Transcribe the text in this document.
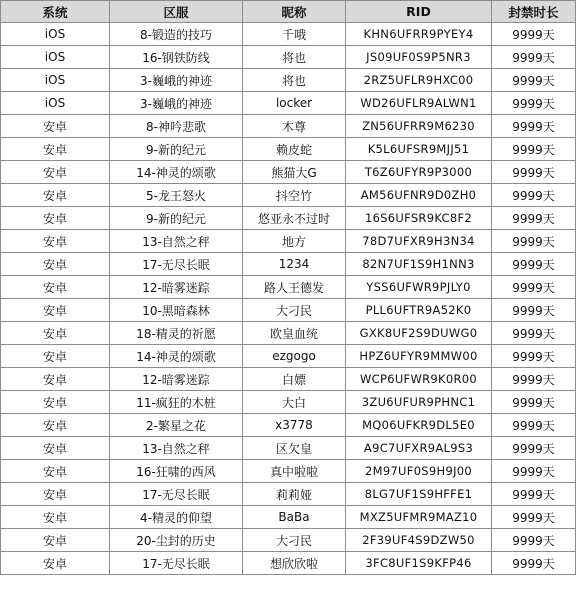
系统	区服	昵称	RID	封禁时长
iOS	8-锻造的技巧	千哦	KHN6UFRR9PYEY4	9999天
iOS	16-钢铁防线	将也	JS09UF0S9P5NR3	9999天
iOS	3-巍峨的神迹	将也	2RZ5UFLR9HXC00	9999天
iOS	3-巍峨的神迹	locker	WD26UFLR9ALWN1	9999天
安卓	8-神吟悲歌	木尊	ZN56UFRR9M6230	9999天
安卓	9-新的纪元	赖皮蛇	K5L6UFSR9MJJ51	9999天
安卓	14-神灵的颂歌	熊猫大G	T6Z6UFYR9P3000	9999天
安卓	5-龙王怒火	抖空竹	AM56UFNR9D0ZH0	9999天
安卓	9-新的纪元	悠亚永不过时	16S6UFSR9KC8F2	9999天
安卓	13-自然之秤	地方	78D7UFXR9H3N34	9999天
安卓	17-无尽长眠	1234	82N7UF1S9H1NN3	9999天
安卓	12-暗雾迷踪	路人王德发	YSS6UFWR9PJLY0	9999天
安卓	10-黑暗森林	大刁民	PLL6UFTR9A52K0	9999天
安卓	18-精灵的祈愿	欧皇血统	GXK8UF2S9DUWG0	9999天
安卓	14-神灵的颂歌	ezgogo	HPZ6UFYR9MMW00	9999天
安卓	12-暗雾迷踪	白嫖	WCP6UFWR9K0R00	9999天
安卓	11-疯狂的木桩	大白	3ZU6UFUR9PHNC1	9999天
安卓	2-繁星之花	x3778	MQ06UFKR9DL5E0	9999天
安卓	13-自然之秤	区欠皇	A9C7UFXR9AL9S3	9999天
安卓	16-狂啸的西风	真中啦啦	2M97UF0S9H9J00	9999天
安卓	17-无尽长眠	莉莉娅	8LG7UF1S9HFFE1	9999天
安卓	4-精灵的仰望	BaBa	MXZ5UFMR9MAZ10	9999天
安卓	20-尘封的历史	大刁民	2F39UF4S9DZW50	9999天
安卓	17-无尽长眠	想欣欣啦	3FC8UF1S9KFP46	9999天
